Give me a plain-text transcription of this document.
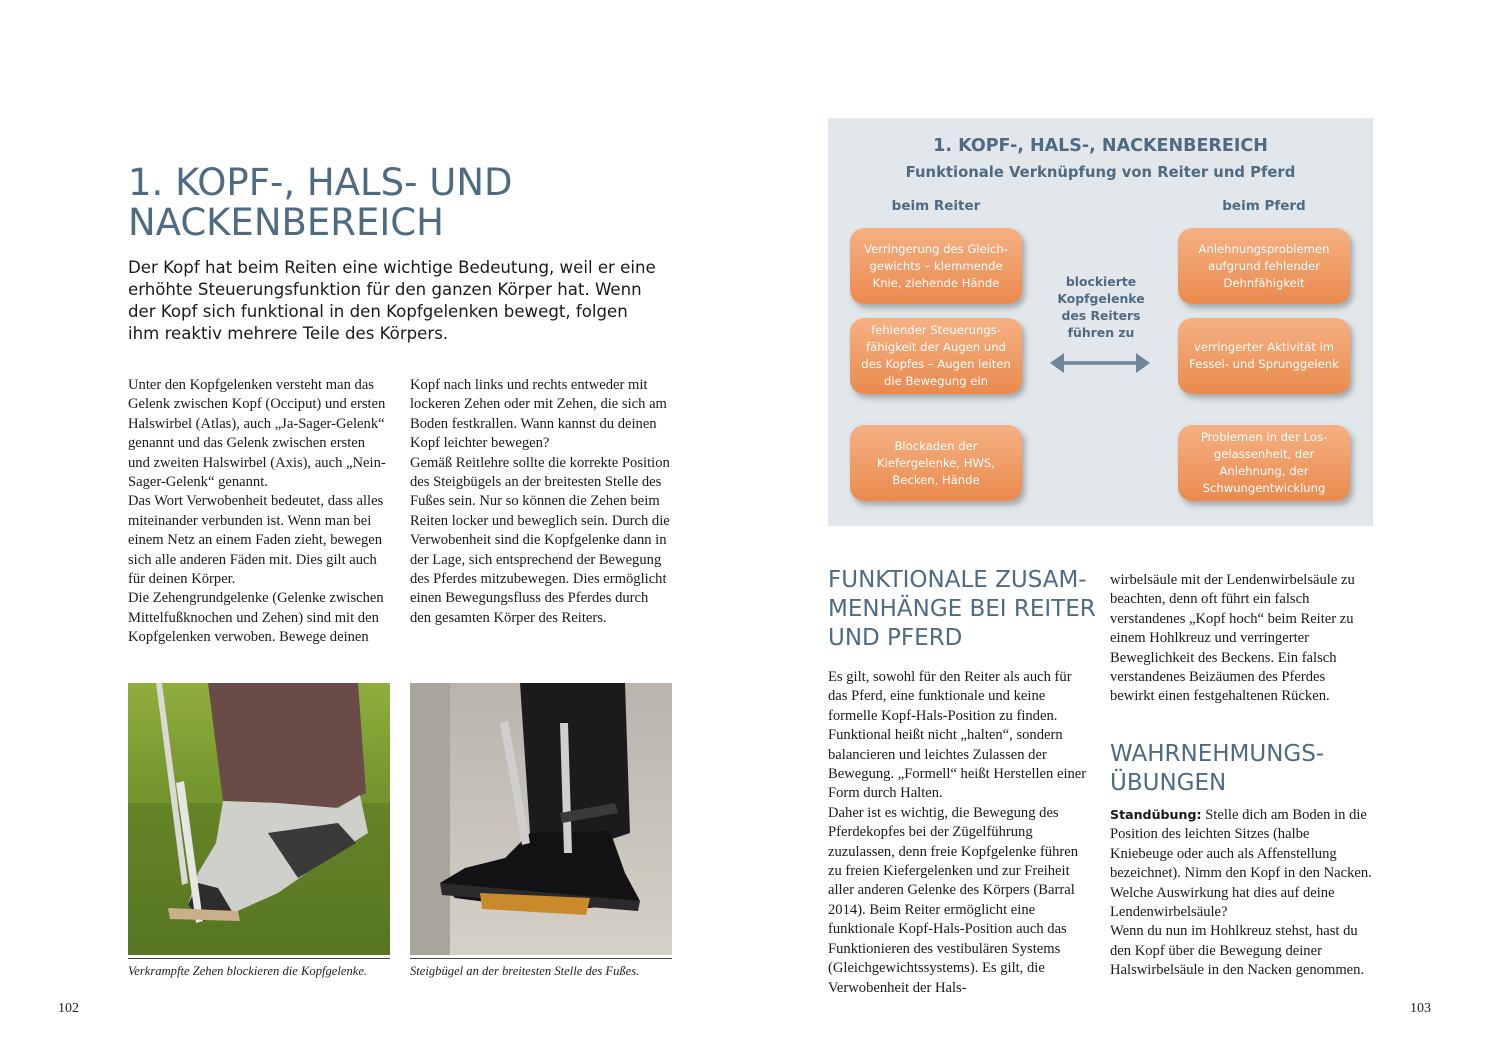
1. KOPF-, HALS- UND
NACKENBEREICH

Der Kopf hat beim Reiten eine wichtige Bedeutung, weil er eine erhöhte Steuerungsfunktion für den ganzen Körper hat. Wenn der Kopf sich funktional in den Kopfgelenken bewegt, folgen ihm reaktiv mehrere Teile des Körpers.

Unter den Kopfgelenken versteht man das Gelenk zwischen Kopf (Occiput) und ersten Halswirbel (Atlas), auch „Ja-Sager-Gelenk“ genannt und das Gelenk zwischen ersten und zweiten Halswirbel (Axis), auch „Nein-Sager-Gelenk“ genannt.

Das Wort Verwobenheit bedeutet, dass alles miteinander verbunden ist. Wenn man bei einem Netz an einem Faden zieht, bewegen sich alle anderen Fäden mit. Dies gilt auch für deinen Körper.

Die Zehengrundgelenke (Gelenke zwischen Mittelfußknochen und Zehen) sind mit den Kopfgelenken verwoben. Bewege deinen

Kopf nach links und rechts entweder mit lockeren Zehen oder mit Zehen, die sich am Boden festkrallen. Wann kannst du deinen Kopf leichter bewegen?

Gemäß Reitlehre sollte die korrekte Position des Steigbügels an der breitesten Stelle des Fußes sein. Nur so können die Zehen beim Reiten locker und beweglich sein. Durch die Verwobenheit sind die Kopfgelenke dann in der Lage, sich entsprechend der Bewegung des Pferdes mitzubewegen. Dies ermöglicht einen Bewegungsfluss des Pferdes durch den gesamten Körper des Reiters.

Verkrampfte Zehen blockieren die Kopfgelenke.	Steigbügel an der breitesten Stelle des Fußes.
102
1. KOPF-, HALS-, NACKENBEREICH
Funktionale Verknüpfung von Reiter und Pferd
beim Reiter	beim Pferd
Verringerung des Gleich-gewichts – klemmende Knie, ziehende Hände
fehlender Steuerungs-fähigkeit der Augen und des Kopfes – Augen leiten die Bewegung ein
Blockaden der Kiefergelenke, HWS, Becken, Hände
Anlehnungsproblemen aufgrund fehlender Dehnfähigkeit
verringerter Aktivität im Fessel- und Sprunggelenk
Problemen in der Los-gelassenheit, der Anlehnung, der Schwungentwicklung
blockierte Kopfgelenke des Reiters führen zu
FUNKTIONALE ZUSAM-
MENHÄNGE BEI REITER
UND PFERD

Es gilt, sowohl für den Reiter als auch für das Pferd, eine funktionale und keine formelle Kopf-Hals-Position zu finden. Funktional heißt nicht „halten“, sondern balancieren und leichtes Zulassen der Bewegung. „Formell“ heißt Herstellen einer Form durch Halten.

Daher ist es wichtig, die Bewegung des Pferdekopfes bei der Zügelführung zuzulassen, denn freie Kopfgelenke führen zu freien Kiefergelenken und zur Freiheit aller anderen Gelenke des Körpers (Barral 2014). Beim Reiter ermöglicht eine funktionale Kopf-Hals-Position auch das Funktionieren des vestibulären Systems (Gleichgewichtssystems). Es gilt, die Verwobenheit der Hals-

wirbelsäule mit der Lendenwirbelsäule zu beachten, denn oft führt ein falsch verstandenes „Kopf hoch“ beim Reiter zu einem Hohlkreuz und verringerter Beweglichkeit des Beckens. Ein falsch verstandenes Beizäumen des Pferdes bewirkt einen festgehaltenen Rücken.

WAHRNEHMUNGS-
ÜBUNGEN

Standübung: Stelle dich am Boden in die Position des leichten Sitzes (halbe Kniebeuge oder auch als Affenstellung bezeichnet). Nimm den Kopf in den Nacken. Welche Auswirkung hat dies auf deine Lendenwirbelsäule?

Wenn du nun im Hohlkreuz stehst, hast du den Kopf über die Bewegung deiner Halswirbelsäule in den Nacken genommen.

103
